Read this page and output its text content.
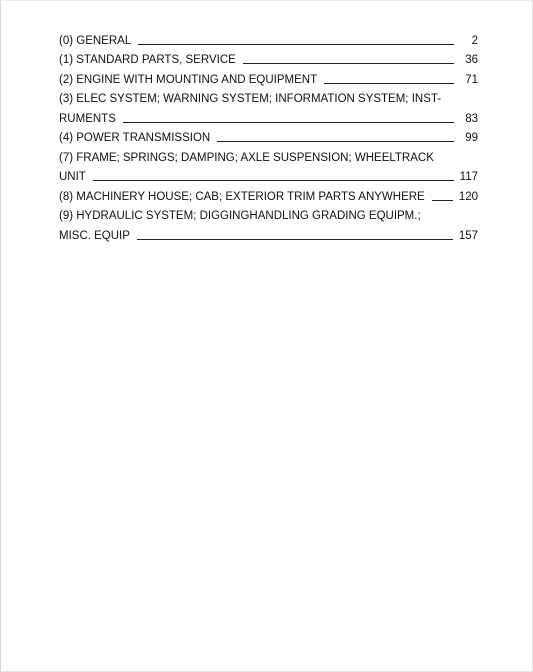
(0) GENERAL	2
(1) STANDARD PARTS, SERVICE	36
(2) ENGINE WITH MOUNTING AND EQUIPMENT	71
(3) ELEC SYSTEM; WARNING SYSTEM; INFORMATION SYSTEM; INST-
RUMENTS	83
(4) POWER TRANSMISSION	99
(7) FRAME; SPRINGS; DAMPING; AXLE SUSPENSION; WHEELTRACK
UNIT	117
(8) MACHINERY HOUSE; CAB; EXTERIOR TRIM PARTS ANYWHERE	120
(9) HYDRAULIC SYSTEM; DIGGINGHANDLING GRADING EQUIPM.;
MISC. EQUIP	157
